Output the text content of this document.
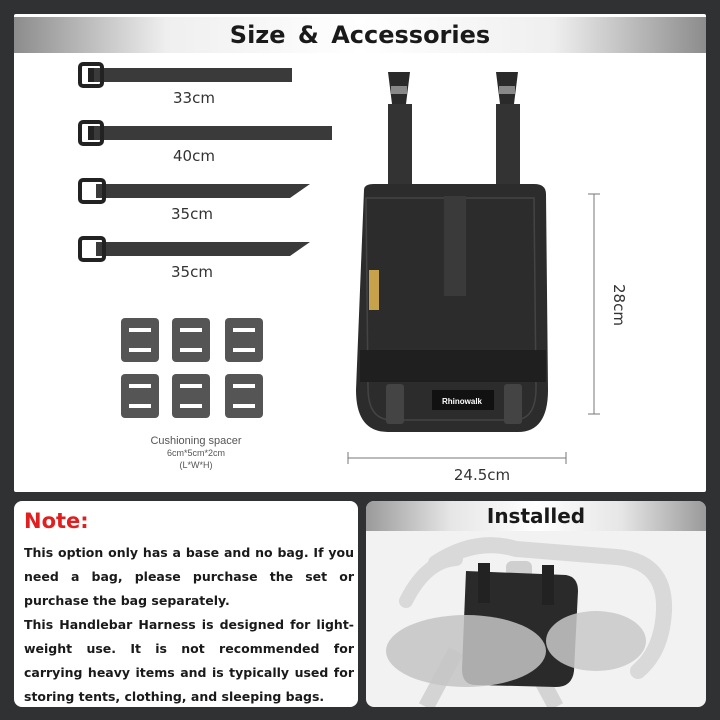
Size & Accessories
Rhinowalk
33cm
40cm
35cm
35cm
Cushioning spacer
6cm*5cm*2cm
(L*W*H)
24.5cm
28cm
Note:

This option only has a base and no bag. If you need a bag, please purchase the set or purchase the bag separately.

This Handlebar Harness is designed for light-weight use. It is not recommended for carrying heavy items and is typically used for storing tents, clothing, and sleeping bags.

Installed
